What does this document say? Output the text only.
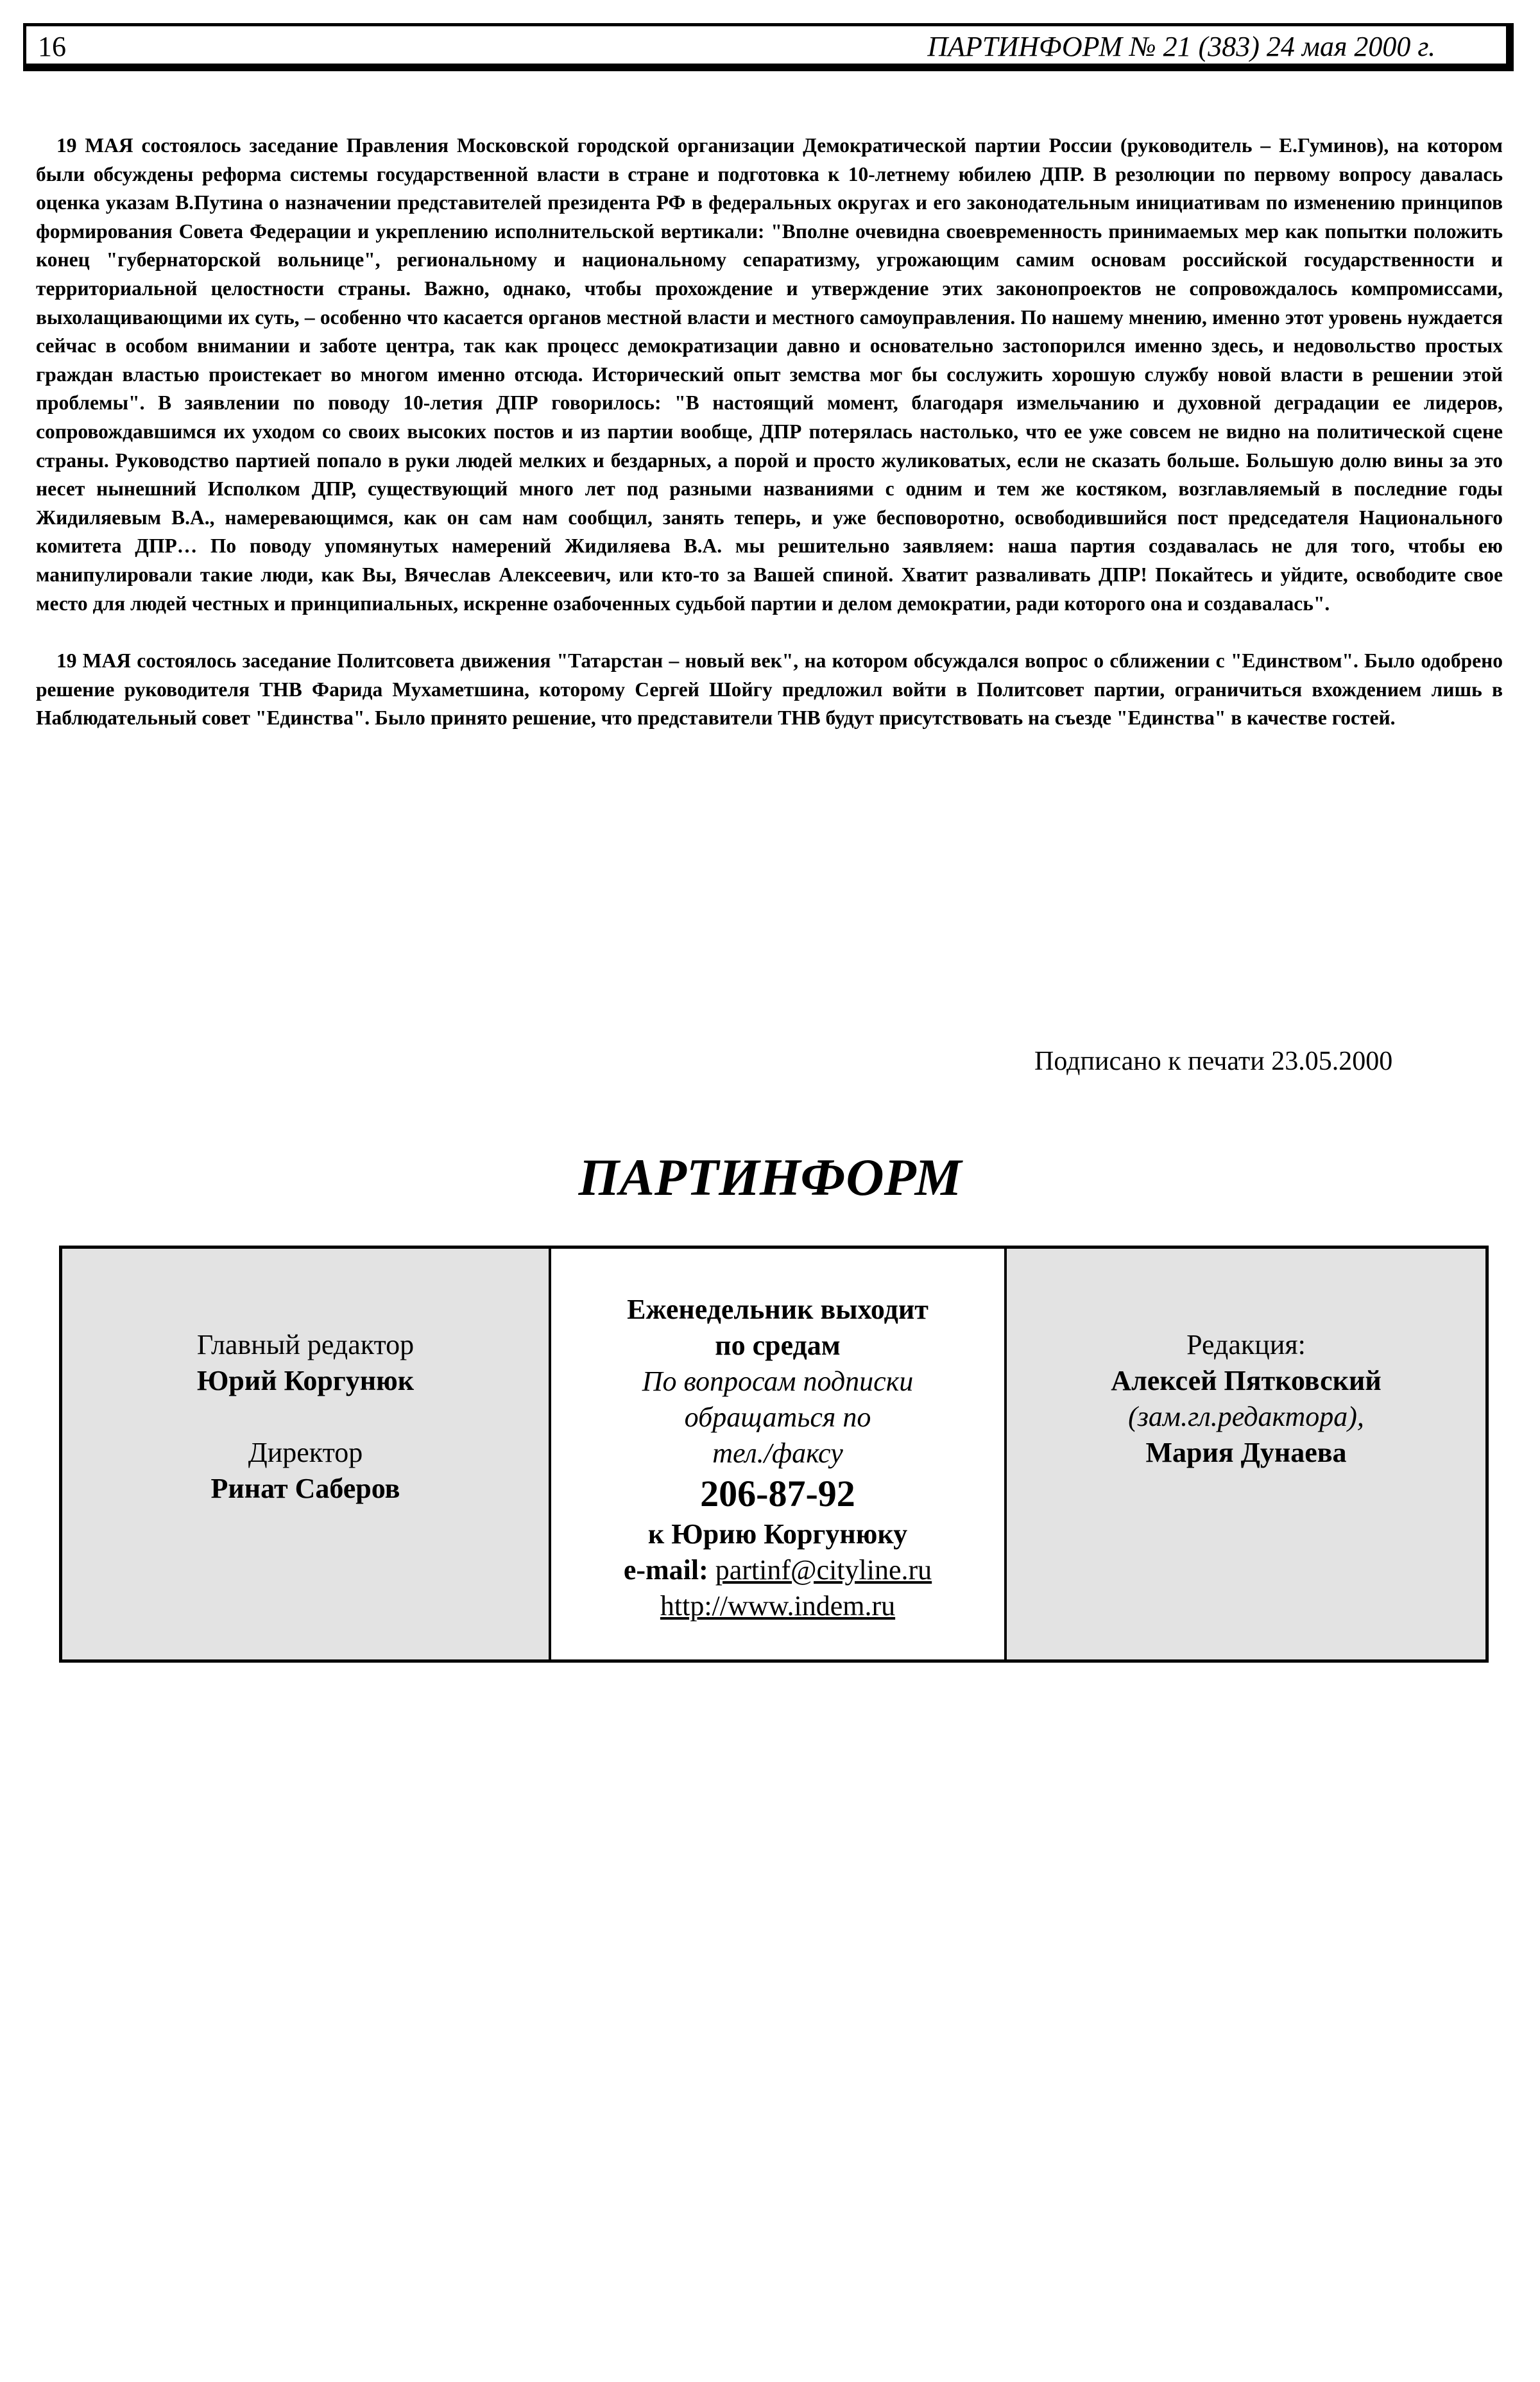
16	ПАРТИНФОРМ № 21 (383) 24 мая 2000 г.

19 МАЯ состоялось заседание Правления Московской городской организации Демократической партии России (руководитель – Е.Гуминов), на котором были обсуждены реформа системы государственной власти в стране и подготовка к 10-летнему юбилею ДПР. В резолюции по первому вопросу давалась оценка указам В.Путина о назначении представителей президента РФ в федеральных округах и его законодательным инициативам по изменению принципов формирования Совета Федерации и укреплению исполнительской вертикали: "Вполне очевидна своевременность принимаемых мер как попытки положить конец "губернаторской вольнице", региональному и национальному сепаратизму, угрожающим самим основам российской государственности и территориальной целостности страны. Важно, однако, чтобы прохождение и утверждение этих законопроектов не сопровождалось компромиссами, выхолащивающими их суть, – особенно что касается органов местной власти и местного самоуправления. По нашему мнению, именно этот уровень нуждается сейчас в особом внимании и заботе центра, так как процесс демократизации давно и основательно застопорился именно здесь, и недовольство простых граждан властью проистекает во многом именно отсюда. Исторический опыт земства мог бы сослужить хорошую службу новой власти в решении этой проблемы". В заявлении по поводу 10-летия ДПР говорилось: "В настоящий момент, благодаря измельчанию и духовной деградации ее лидеров, сопровождавшимся их уходом со своих высоких постов и из партии вообще, ДПР потерялась настолько, что ее уже совсем не видно на политической сцене страны. Руководство партией попало в руки людей мелких и бездарных, а порой и просто жуликоватых, если не сказать больше. Большую долю вины за это несет нынешний Исполком ДПР, существующий много лет под разными названиями с одним и тем же костяком, возглавляемый в последние годы Жидиляевым В.А., намеревающимся, как он сам нам сообщил, занять теперь, и уже бесповоротно, освободившийся пост председателя Национального комитета ДПР… По поводу упомянутых намерений Жидиляева В.А. мы решительно заявляем: наша партия создавалась не для того, чтобы ею манипулировали такие люди, как Вы, Вячеслав Алексеевич, или кто-то за Вашей спиной. Хватит разваливать ДПР! Покайтесь и уйдите, освободите свое место для людей честных и принципиальных, искренне озабоченных судьбой партии и делом демократии, ради которого она и создавалась".

19 МАЯ состоялось заседание Политсовета движения "Татарстан – новый век", на котором обсуждался вопрос о сближении с "Единством". Было одобрено решение руководителя ТНВ Фарида Мухаметшина, которому Сергей Шойгу предложил войти в Политсовет партии, ограничиться вхождением лишь в Наблюдательный совет "Единства". Было принято решение, что представители ТНВ будут присутствовать на съезде "Единства" в качестве гостей.

Подписано к печати 23.05.2000
ПАРТИНФОРМ
Главный редактор
Юрий Коргунюк
Директор
Ринат Саберов
Еженедельник выходит
по средам
По вопросам подписки
обращаться по
тел./факсу
206-87-92
к Юрию Коргунюку
e-mail: partinf@cityline.ru
http://www.indem.ru
Редакция:
Алексей Пятковский
(зам.гл.редактора),
Мария Дунаева
